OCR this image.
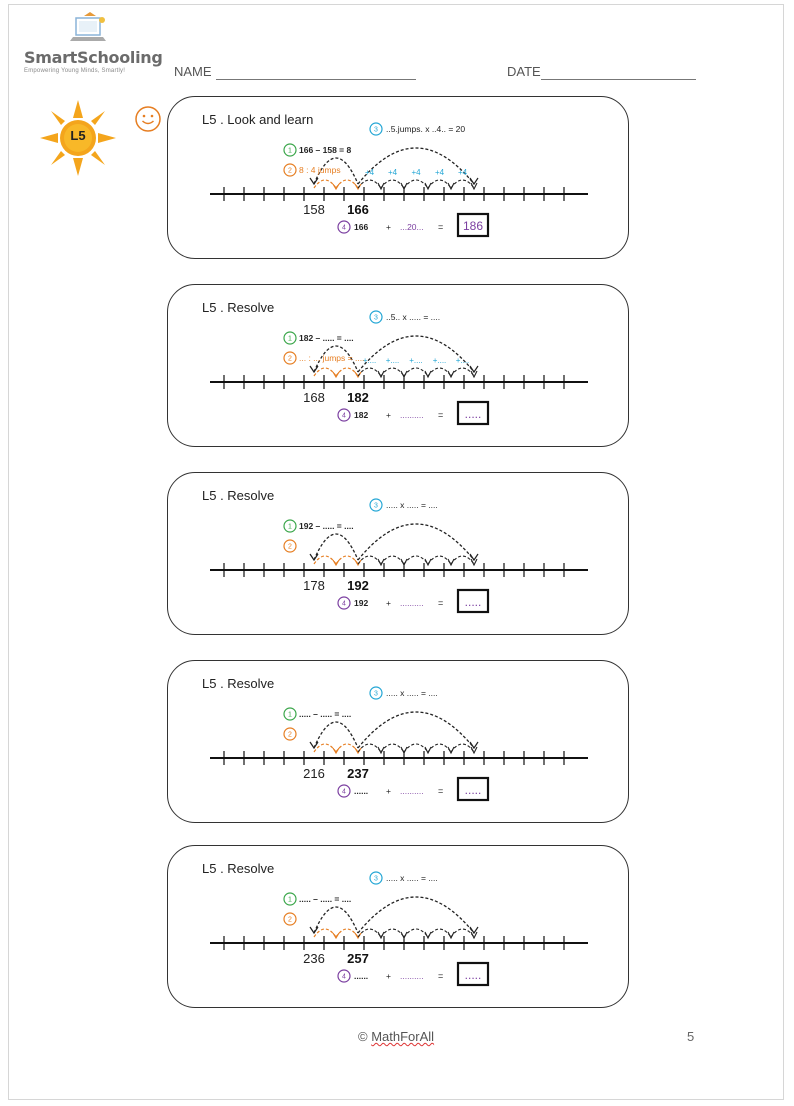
SmartSchooling
Empowering Young Minds, Smartly!	NAME	DATE
L5
L5 . Look and learn
+4 +4 +4 +4 +4
158 166
3 ..5.jumps. x ..4.. = 20
1 166 – 158 = 8
2 8 : 4 jumps
4 166 + ...20... = 186
L5 . Resolve
+.... +.... +.... +.... +....
168 182
3 ..5.. x ..... = ....
1 182 – ..... = ....
2 ... : ... jumps = ....
4 182 + .......... = .....
L5 . Resolve
178 192
3 ..... x ..... = ....
1 192 – ..... = ....
2
4 192 + .......... = .....
L5 . Resolve
216 237
3 ..... x ..... = ....
1 ..... – ..... = ....
2
4 ...... + .......... = .....
L5 . Resolve
236 257
3 ..... x ..... = ....
1 ..... – ..... = ....
2
4 ...... + .......... = .....
© MathForAll	5
